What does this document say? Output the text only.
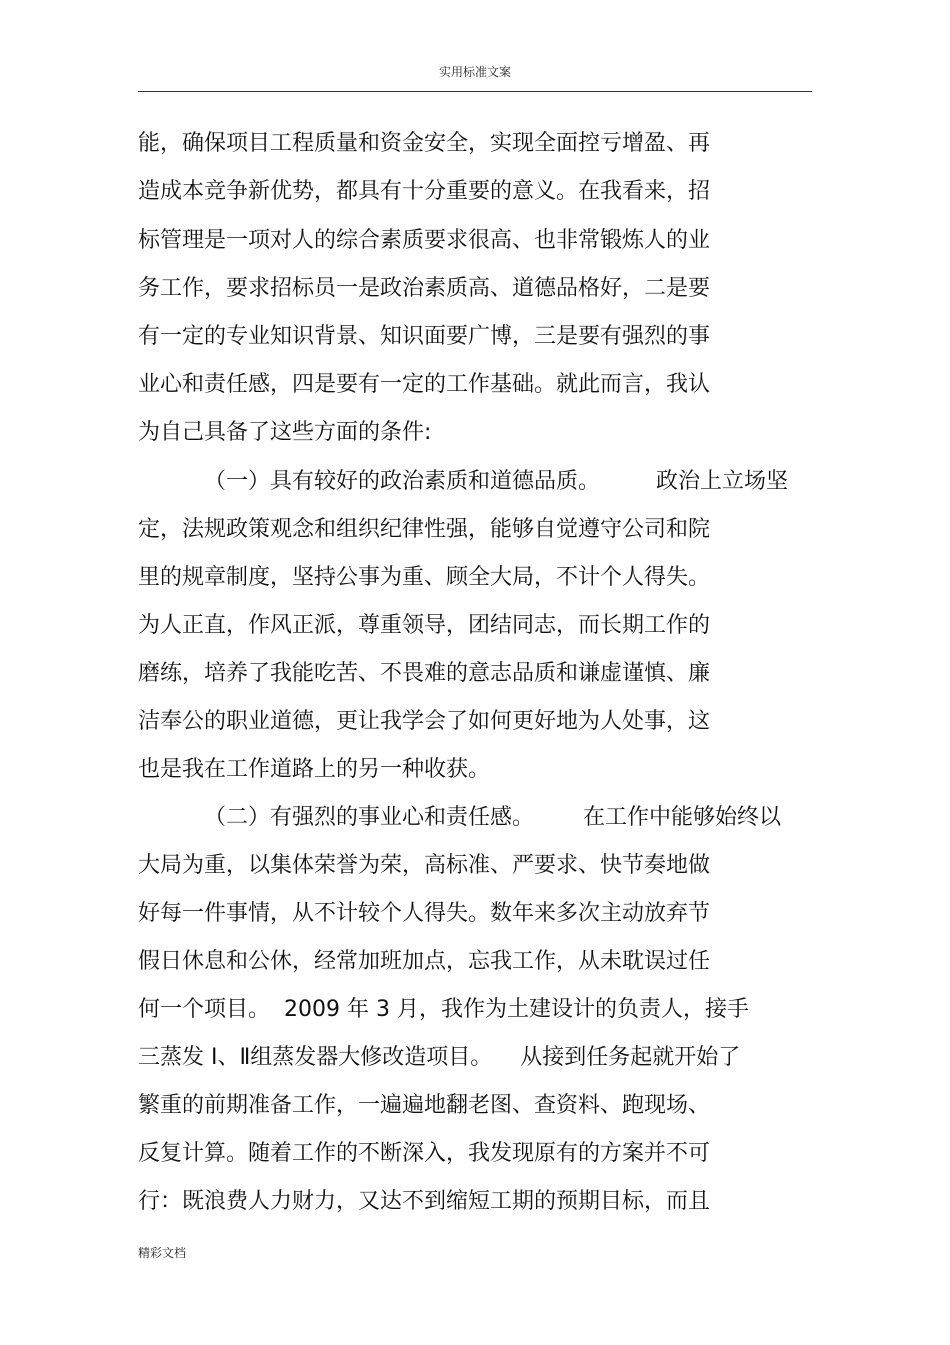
实用标准文案
能，确保项目工程质量和资金安全，实现全面控亏增盈、再
造成本竞争新优势，都具有十分重要的意义。在我看来，招
标管理是一项对人的综合素质要求很高、也非常锻炼人的业
务工作，要求招标员一是政治素质高、道德品格好，二是要
有一定的专业知识背景、知识面要广博，三是要有强烈的事
业心和责任感，四是要有一定的工作基础。就此而言，我认
为自己具备了这些方面的条件:
（一）具有较好的政治素质和道德品质。        政治上立场坚
定，法规政策观念和组织纪律性强，能够自觉遵守公司和院
里的规章制度，坚持公事为重、顾全大局，不计个人得失。
为人正直，作风正派，尊重领导，团结同志，而长期工作的
磨练，培养了我能吃苦、不畏难的意志品质和谦虚谨慎、廉
洁奉公的职业道德，更让我学会了如何更好地为人处事，这
也是我在工作道路上的另一种收获。
（二）有强烈的事业心和责任感。       在工作中能够始终以
大局为重，以集体荣誉为荣，高标准、严要求、快节奏地做
好每一件事情，从不计较个人得失。数年来多次主动放弃节
假日休息和公休，经常加班加点，忘我工作，从未耽误过任
何一个项目。  2009 年 3 月，我作为土建设计的负责人，接手
三蒸发 Ⅰ、Ⅱ组蒸发器大修改造项目。    从接到任务起就开始了
繁重的前期准备工作，一遍遍地翻老图、查资料、跑现场、
反复计算。随着工作的不断深入，我发现原有的方案并不可
行：既浪费人力财力，又达不到缩短工期的预期目标，而且
精彩文档
